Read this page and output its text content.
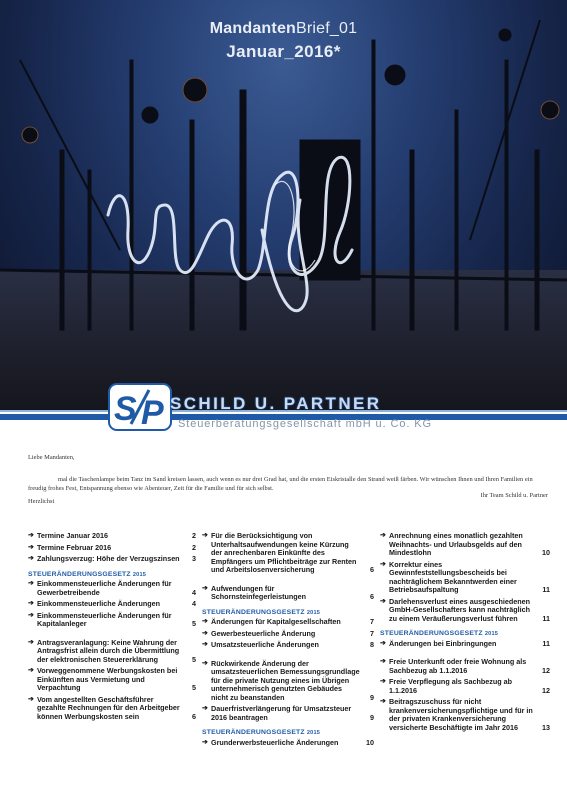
MandantenBrief_01
Januar_2016*
S P SCHILD U. PARTNER
Steuerberatungsgesellschaft mbH u. Co. KG
Liebe Mandanten,
mal die Taschenlampe beim Tanz im Sand kreisen lassen, auch wenn es nur drei Grad hat, und die ersten Eiskristalle den Strand weiß färben. Wir wünschen Ihnen und Ihren Familien ein freudig frohes Fest, Entspannung ebenso wie Abenteuer, Zeit für die Familie und für sich selbst.
Herzlichst
Ihr Team Schild u. Partner
➔ Termine Januar 2016	2
➔ Termine Februar 2016	2
➔ Zahlungsverzug: Höhe der Verzugszinsen	3
STEUERÄNDERUNGSGESETZ 2015
➔ Einkommensteuerliche Änderungen für Gewerbetreibende	4
➔ Einkommensteuerliche Änderungen	4
➔ Einkommensteuerliche Änderungen für Kapitalanleger	5
➔ Antragsveranlagung: Keine Wahrung der Antragsfrist allein durch die Übermittlung der elektronischen Steuererklärung	5
➔ Vorweggenommene Werbungskosten bei Einkünften aus Vermietung und Verpachtung	5
➔ Vom angestellten Geschäftsführer gezahlte Rechnungen für den Arbeitgeber können Werbungskosten sein	6
➔ Für die Berücksichtigung von Unterhaltsaufwendungen keine Kürzung der anrechenbaren Einkünfte des Empfängers um Pflichtbeiträge zur Renten und Arbeitslosenversicherung	6
➔ Aufwendungen für Schornsteinfegerleistungen	6
STEUERÄNDERUNGSGESETZ 2015
➔ Änderungen für Kapitalgesellschaften	7
➔ Gewerbesteuerliche Änderung	7
➔ Umsatzsteuerliche Änderungen	8
➔ Rückwirkende Änderung der umsatzsteuerlichen Bemessungsgrundlage für die private Nutzung eines im Übrigen unternehmerisch genutzten Gebäudes nicht zu beanstanden	9
➔ Dauerfristverlängerung für Umsatzsteuer 2016 beantragen	9
STEUERÄNDERUNGSGESETZ 2015
➔ Grunderwerbsteuerliche Änderungen	10
➔ Anrechnung eines monatlich gezahlten Weihnachts- und Urlaubsgelds auf den Mindestlohn	10
➔ Korrektur eines Gewinnfeststellungsbescheids bei nachträglichem Bekanntwerden einer Betriebsaufspaltung	11
➔ Darlehensverlust eines ausgeschiedenen GmbH-Gesellschafters kann nachträglich zu einem Veräußerungsverlust führen	11
STEUERÄNDERUNGSGESETZ 2015
➔ Änderungen bei Einbringungen	11
➔ Freie Unterkunft oder freie Wohnung als Sachbezug ab 1.1.2016	12
➔ Freie Verpflegung als Sachbezug ab 1.1.2016	12
➔ Beitragszuschuss für nicht krankenversicherungspflichtige und für in der privaten Krankenversicherung versicherte Beschäftigte im Jahr 2016	13
